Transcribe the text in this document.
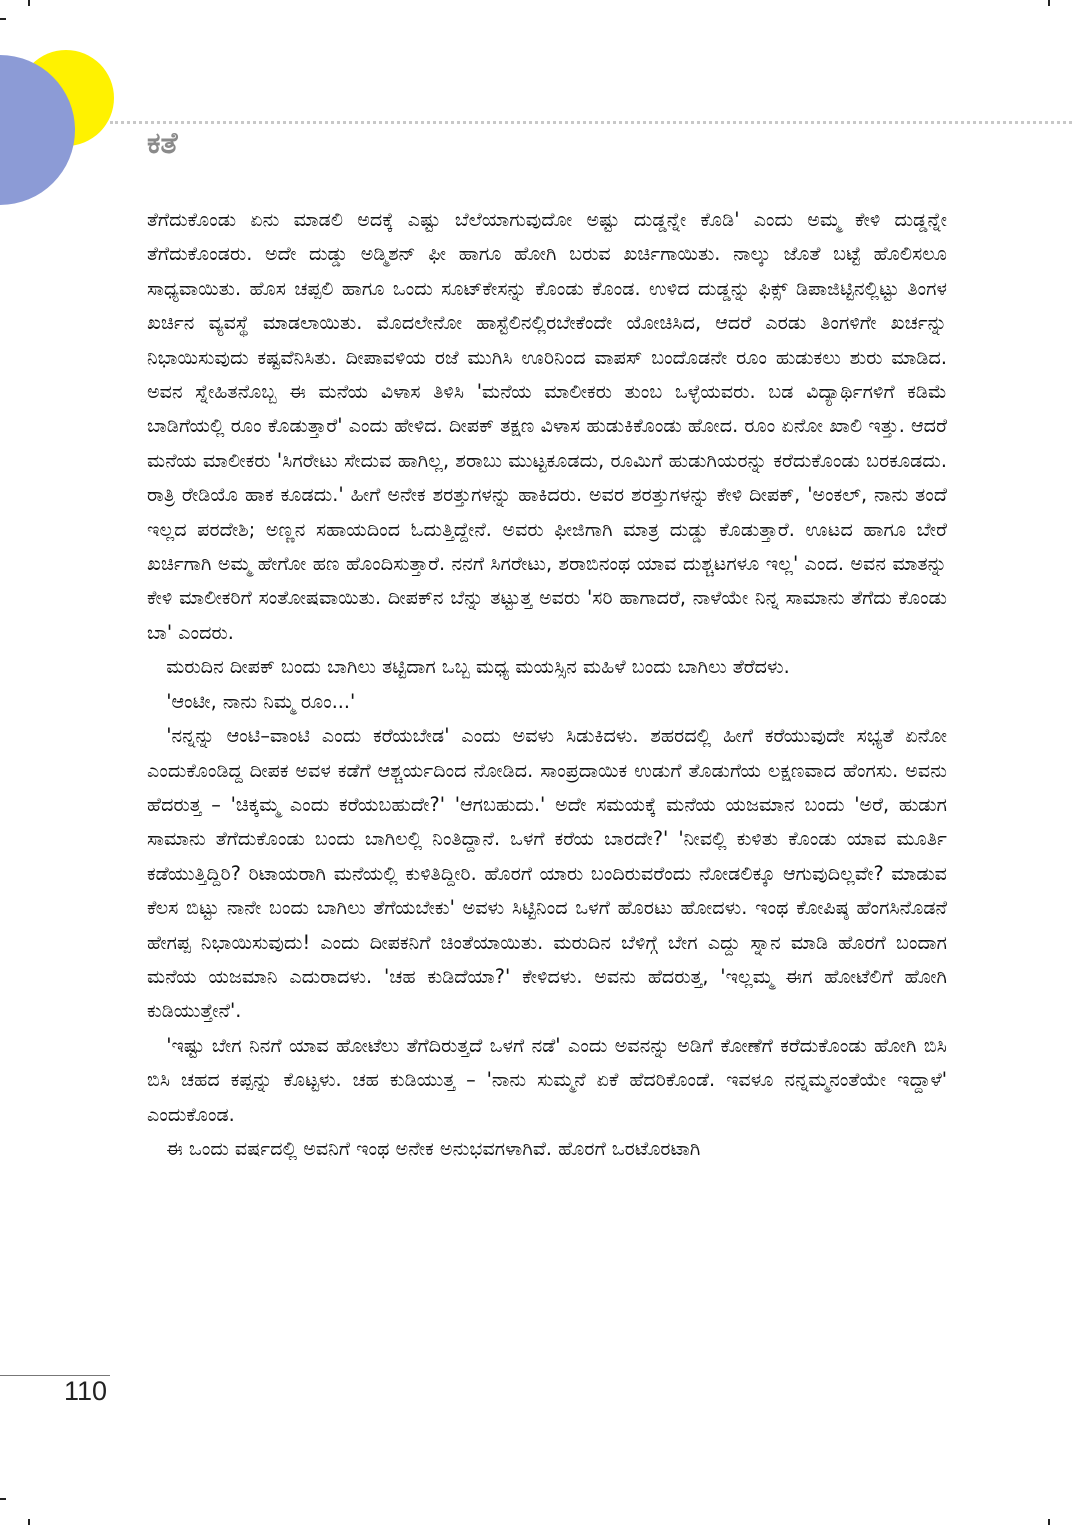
ಕತೆ
ತೆಗೆದುಕೊಂಡು ಏನು ಮಾಡಲಿ ಅದಕ್ಕೆ ಎಷ್ಟು ಬೆಲೆಯಾಗುವುದೋ ಅಷ್ಟು ದುಡ್ಡನ್ನೇ ಕೊಡಿ' ಎಂದು ಅಮ್ಮ ಕೇಳಿ ದುಡ್ಡನ್ನೇ ತೆಗೆದುಕೊಂಡರು. ಅದೇ ದುಡ್ಡು ಅಡ್ಮಿಶನ್ ಫೀ ಹಾಗೂ ಹೋಗಿ ಬರುವ ಖರ್ಚಿಗಾಯಿತು. ನಾಲ್ಕು ಜೊತೆ ಬಟ್ಟೆ ಹೊಲಿಸಲೂ ಸಾಧ್ಯವಾಯಿತು. ಹೊಸ ಚಪ್ಪಲಿ ಹಾಗೂ ಒಂದು ಸೂಟ್‌ಕೇಸನ್ನು ಕೊಂಡು ಕೊಂಡ. ಉಳಿದ ದುಡ್ಡನ್ನು ಫಿಕ್ಸ್ ಡಿಪಾಜಿಟ್ಟಿನಲ್ಲಿಟ್ಟು ತಿಂಗಳ ಖರ್ಚಿನ ವ್ಯವಸ್ಥೆ ಮಾಡಲಾಯಿತು. ಮೊದಲೇನೋ ಹಾಸ್ಟೆಲಿನಲ್ಲಿರಬೇಕೆಂದೇ ಯೋಚಿಸಿದ, ಆದರೆ ಎರಡು ತಿಂಗಳಿಗೇ ಖರ್ಚನ್ನು ನಿಭಾಯಿಸುವುದು ಕಷ್ಟವೆನಿಸಿತು. ದೀಪಾವಳಿಯ ರಜೆ ಮುಗಿಸಿ ಊರಿನಿಂದ ವಾಪಸ್ ಬಂದೊಡನೇ ರೂಂ ಹುಡುಕಲು ಶುರು ಮಾಡಿದ. ಅವನ ಸ್ನೇಹಿತನೊಬ್ಬ ಈ ಮನೆಯ ವಿಳಾಸ ತಿಳಿಸಿ 'ಮನೆಯ ಮಾಲೀಕರು ತುಂಬ ಒಳ್ಳೆಯವರು. ಬಡ ವಿದ್ಯಾರ್ಥಿಗಳಿಗೆ ಕಡಿಮೆ ಬಾಡಿಗೆಯಲ್ಲಿ ರೂಂ ಕೊಡುತ್ತಾರೆ' ಎಂದು ಹೇಳಿದ. ದೀಪಕ್ ತಕ್ಷಣ ವಿಳಾಸ ಹುಡುಕಿಕೊಂಡು ಹೋದ. ರೂಂ ಏನೋ ಖಾಲಿ ಇತ್ತು. ಆದರೆ ಮನೆಯ ಮಾಲೀಕರು 'ಸಿಗರೇಟು ಸೇದುವ ಹಾಗಿಲ್ಲ, ಶರಾಬು ಮುಟ್ಟಕೂಡದು, ರೂಮಿಗೆ ಹುಡುಗಿಯರನ್ನು ಕರೆದುಕೊಂಡು ಬರಕೂಡದು. ರಾತ್ರಿ ರೇಡಿಯೊ ಹಾಕ ಕೂಡದು.' ಹೀಗೆ ಅನೇಕ ಶರತ್ತುಗಳನ್ನು ಹಾಕಿದರು. ಅವರ ಶರತ್ತುಗಳನ್ನು ಕೇಳಿ ದೀಪಕ್, 'ಅಂಕಲ್, ನಾನು ತಂದೆ ಇಲ್ಲದ ಪರದೇಶಿ; ಅಣ್ಣನ ಸಹಾಯದಿಂದ ಓದುತ್ತಿದ್ದೇನೆ. ಅವರು ಫೀಜಿಗಾಗಿ ಮಾತ್ರ ದುಡ್ಡು ಕೊಡುತ್ತಾರೆ. ಊಟದ ಹಾಗೂ ಬೇರೆ ಖರ್ಚಿಗಾಗಿ ಅಮ್ಮ ಹೇಗೋ ಹಣ ಹೊಂದಿಸುತ್ತಾರೆ. ನನಗೆ ಸಿಗರೇಟು, ಶರಾಬಿನಂಥ ಯಾವ ದುಶ್ಚಟಗಳೂ ಇಲ್ಲ' ಎಂದ. ಅವನ ಮಾತನ್ನು ಕೇಳಿ ಮಾಲೀಕರಿಗೆ ಸಂತೋಷವಾಯಿತು. ದೀಪಕ್‌ನ ಬೆನ್ನು ತಟ್ಟುತ್ತ ಅವರು 'ಸರಿ ಹಾಗಾದರೆ, ನಾಳೆಯೇ ನಿನ್ನ ಸಾಮಾನು ತೆಗೆದು ಕೊಂಡು ಬಾ' ಎಂದರು.
 ಮರುದಿನ ದೀಪಕ್ ಬಂದು ಬಾಗಿಲು ತಟ್ಟಿದಾಗ ಒಬ್ಬ ಮಧ್ಯ ಮಯಸ್ಸಿನ ಮಹಿಳೆ ಬಂದು ಬಾಗಿಲು ತೆರೆದಳು.
 'ಆಂಟೀ, ನಾನು ನಿಮ್ಮ ರೂಂ...'
 'ನನ್ನನ್ನು ಆಂಟಿ–ವಾಂಟಿ ಎಂದು ಕರೆಯಬೇಡ' ಎಂದು ಅವಳು ಸಿಡುಕಿದಳು. ಶಹರದಲ್ಲಿ ಹೀಗೆ ಕರೆಯುವುದೇ ಸಭ್ಯತೆ ಏನೋ ಎಂದುಕೊಂಡಿದ್ದ ದೀಪಕ ಅವಳ ಕಡೆಗೆ ಆಶ್ಚರ್ಯದಿಂದ ನೋಡಿದ. ಸಾಂಪ್ರದಾಯಿಕ ಉಡುಗೆ ತೊಡುಗೆಯ ಲಕ್ಷಣವಾದ ಹೆಂಗಸು. ಅವನು ಹೆದರುತ್ತ – 'ಚಿಕ್ಕಮ್ಮ ಎಂದು ಕರೆಯಬಹುದೇ?' 'ಆಗಬಹುದು.' ಅದೇ ಸಮಯಕ್ಕೆ ಮನೆಯ ಯಜಮಾನ ಬಂದು 'ಅರೆ, ಹುಡುಗ ಸಾಮಾನು ತೆಗೆದುಕೊಂಡು ಬಂದು ಬಾಗಿಲಲ್ಲಿ ನಿಂತಿದ್ದಾನೆ. ಒಳಗೆ ಕರೆಯ ಬಾರದೇ?' 'ನೀವಲ್ಲಿ ಕುಳಿತು ಕೊಂಡು ಯಾವ ಮೂರ್ತಿ ಕಡೆಯುತ್ತಿದ್ದಿರಿ? ರಿಟಾಯರಾಗಿ ಮನೆಯಲ್ಲಿ ಕುಳಿತಿದ್ದೀರಿ. ಹೊರಗೆ ಯಾರು ಬಂದಿರುವರೆಂದು ನೋಡಲಿಕ್ಕೂ ಆಗುವುದಿಲ್ಲವೇ? ಮಾಡುವ ಕೆಲಸ ಬಿಟ್ಟು ನಾನೇ ಬಂದು ಬಾಗಿಲು ತೆಗೆಯಬೇಕು' ಅವಳು ಸಿಟ್ಟಿನಿಂದ ಒಳಗೆ ಹೊರಟು ಹೋದಳು. ಇಂಥ ಕೋಪಿಷ್ಠ ಹೆಂಗಸಿನೊಡನೆ ಹೇಗಪ್ಪ ನಿಭಾಯಿಸುವುದು! ಎಂದು ದೀಪಕನಿಗೆ ಚಿಂತೆಯಾಯಿತು. ಮರುದಿನ ಬೆಳಿಗ್ಗೆ ಬೇಗ ಎದ್ದು ಸ್ನಾನ ಮಾಡಿ ಹೊರಗೆ ಬಂದಾಗ ಮನೆಯ ಯಜಮಾನಿ ಎದುರಾದಳು. 'ಚಹ ಕುಡಿದೆಯಾ?' ಕೇಳಿದಳು. ಅವನು ಹೆದರುತ್ತ, 'ಇಲ್ಲಮ್ಮ ಈಗ ಹೋಟೆಲಿಗೆ ಹೋಗಿ ಕುಡಿಯುತ್ತೇನೆ'.
 'ಇಷ್ಟು ಬೇಗ ನಿನಗೆ ಯಾವ ಹೋಟೆಲು ತೆಗೆದಿರುತ್ತದೆ ಒಳಗೆ ನಡೆ' ಎಂದು ಅವನನ್ನು ಅಡಿಗೆ ಕೋಣೆಗೆ ಕರೆದುಕೊಂಡು ಹೋಗಿ ಬಿಸಿ ಬಿಸಿ ಚಹದ ಕಪ್ಪನ್ನು ಕೊಟ್ಟಳು. ಚಹ ಕುಡಿಯುತ್ತ – 'ನಾನು ಸುಮ್ಮನೆ ಏಕೆ ಹೆದರಿಕೊಂಡೆ. ಇವಳೂ ನನ್ನಮ್ಮನಂತೆಯೇ ಇದ್ದಾಳೆ' ಎಂದುಕೊಂಡ.
 ಈ ಒಂದು ವರ್ಷದಲ್ಲಿ ಅವನಿಗೆ ಇಂಥ ಅನೇಕ ಅನುಭವಗಳಾಗಿವೆ. ಹೊರಗೆ ಒರಟೊರಟಾಗಿ
110
